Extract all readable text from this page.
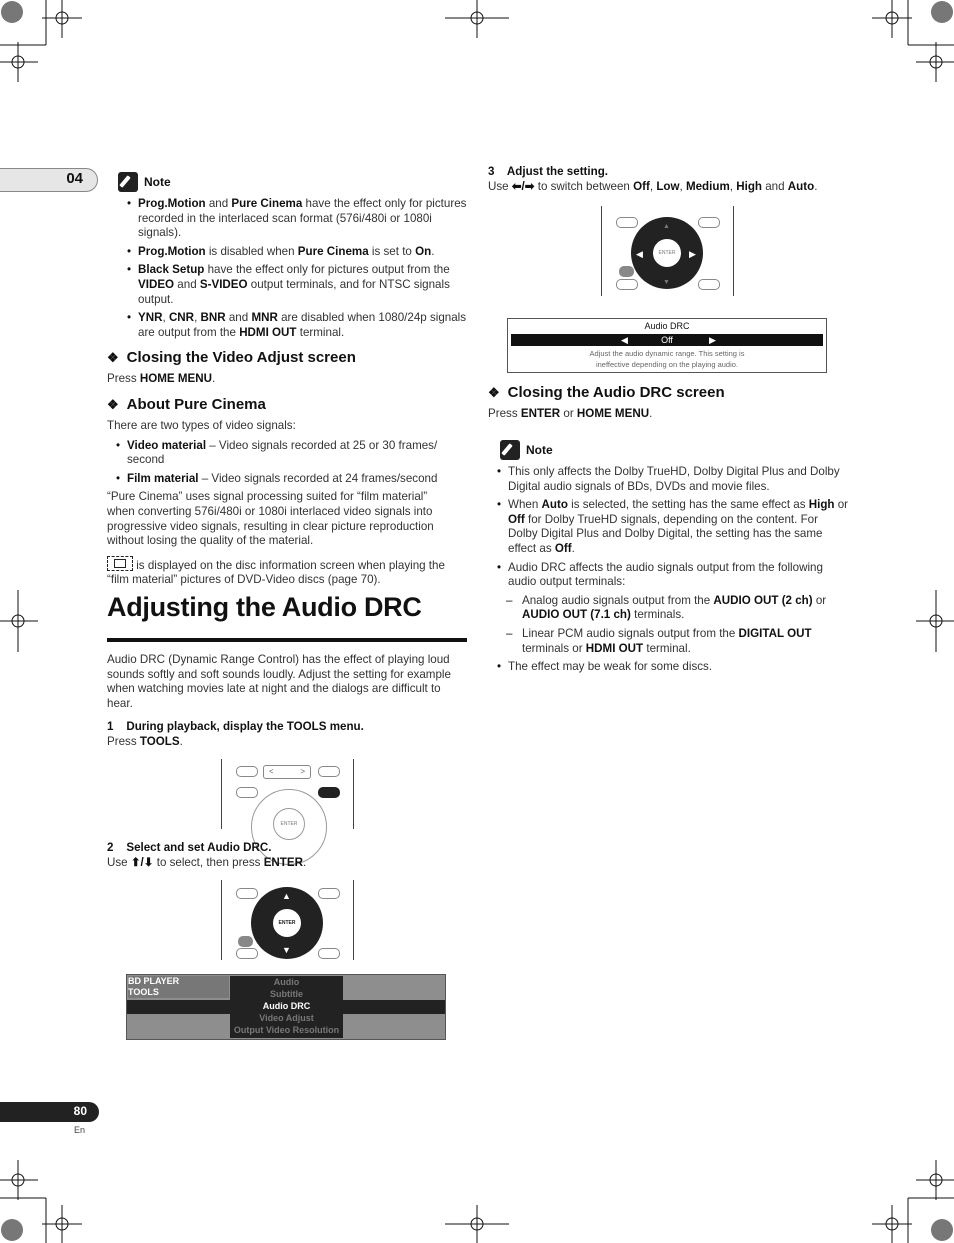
04	Note
• Prog.Motion and Pure Cinema have the effect only for pictures recorded in the interlaced scan format (576i/480i or 1080i signals).
• Prog.Motion is disabled when Pure Cinema is set to On.
• Black Setup have the effect only for pictures output from the VIDEO and S-VIDEO output terminals, and for NTSC signals output.
• YNR, CNR, BNR and MNR are disabled when 1080/24p signals are output from the HDMI OUT terminal.
❖ Closing the Video Adjust screen
Press HOME MENU.
❖ About Pure Cinema
There are two types of video signals:
• Video material – Video signals recorded at 25 or 30 frames/ second
• Film material – Video signals recorded at 24 frames/second
“Pure Cinema” uses signal processing suited for “film material” when converting 576i/480i or 1080i interlaced video signals into progressive video signals, resulting in clear picture reproduction without losing the quality of the material.
is displayed on the disc information screen when playing the “film material” pictures of DVD-Video discs (page 70).
Adjusting the Audio DRC
Audio DRC (Dynamic Range Control) has the effect of playing loud sounds softly and soft sounds loudly. Adjust the setting for example when watching movies late at night and the dialogs are difficult to hear.
1    During playback, display the TOOLS menu.
Press TOOLS.
<	>
ENTER
2    Select and set Audio DRC.
Use ⬆/⬇ to select, then press ENTER.
ENTER
▲
▼
BD PLAYER
TOOLS
Audio
Subtitle
Audio DRC
Video Adjust
Output Video Resolution
3    Adjust the setting.
Use ⬅/➡ to switch between Off, Low, Medium, High and Auto.
ENTER
◀	▶
▲
▼
Audio DRC
◀	Off	▶
Adjust the audio dynamic range. This setting is
ineffective depending on the playing audio.
❖ Closing the Audio DRC screen
Press ENTER or HOME MENU.
Note
• This only affects the Dolby TrueHD, Dolby Digital Plus and Dolby Digital audio signals of BDs, DVDs and movie files.
• When Auto is selected, the setting has the same effect as High or Off for Dolby TrueHD signals, depending on the content. For Dolby Digital Plus and Dolby Digital, the setting has the same effect as Off.
• Audio DRC affects the audio signals output from the following audio output terminals:
– Analog audio signals output from the AUDIO OUT (2 ch) or AUDIO OUT (7.1 ch) terminals.
– Linear PCM audio signals output from the DIGITAL OUT terminals or HDMI OUT terminal.
• The effect may be weak for some discs.
80
En
